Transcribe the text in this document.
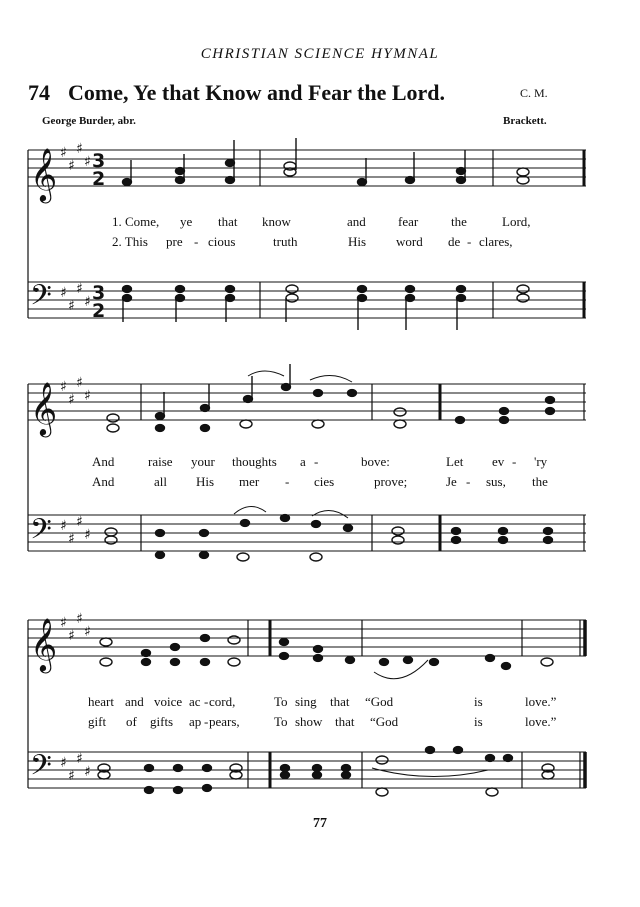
CHRISTIAN SCIENCE HYMNAL
74 Come, Ye that Know and Fear the Lord.	C. M.
George Burder, abr.	Brackett.
1. Come, ye that know	and fear	the	Lord,
2. This pre - cious	truth	His word de - clares,
And	raise your thoughts a -	bove:	Let ev - 'ry
And	all His mer - cies	prove;	Je - sus, the
heart and voice ac - cord,	To sing that “God	is	love.”
gift of gifts ap - pears,	To show that “God	is	love.”
77
𝄞
𝄢
𝄞
𝄢
𝄞
𝄢
♯
♯
♯
♯
♯
♯
♯
♯
♯
♯
♯
♯
♯
♯
♯
♯
♯
♯
♯
♯
♯
♯
♯
♯
3
2
3
2
